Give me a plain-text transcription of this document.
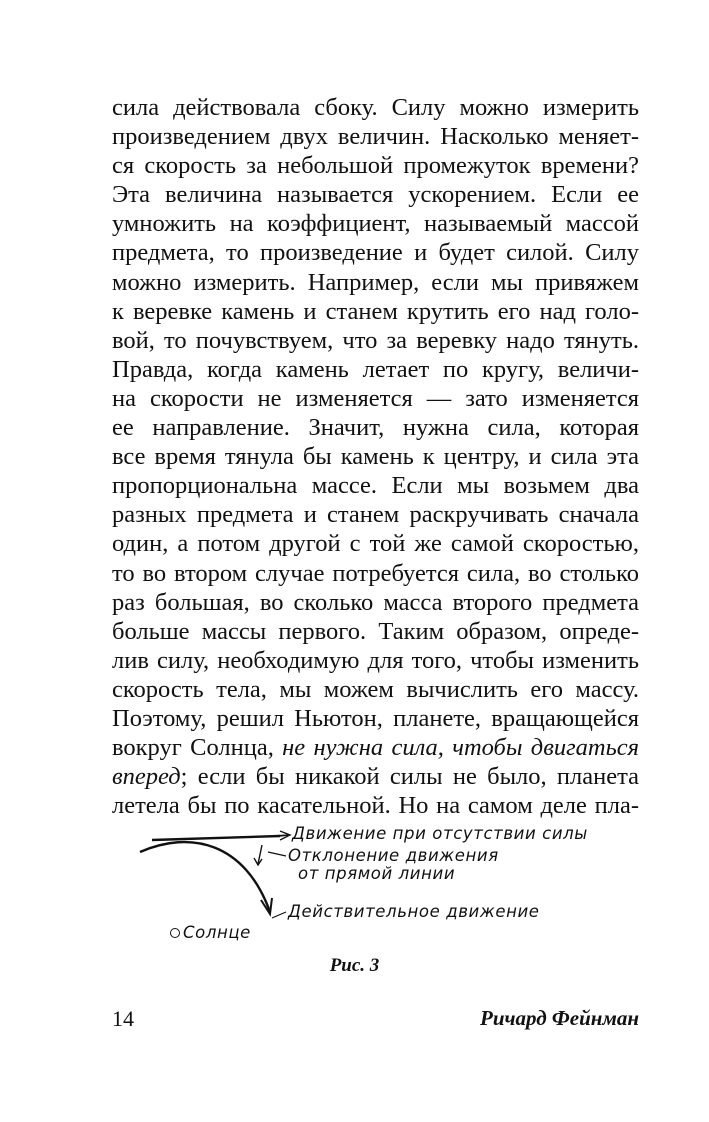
сила действовала сбоку. Силу можно измерить
произведением двух величин. Насколько меняет-
ся скорость за небольшой промежуток времени?
Эта величина называется ускорением. Если ее
умножить на коэффициент, называемый массой
предмета, то произведение и будет силой. Силу
можно измерить. Например, если мы привяжем
к веревке камень и станем крутить его над голо-
вой, то почувствуем, что за веревку надо тянуть.
Правда, когда камень летает по кругу, величи-
на скорости не изменяется — зато изменяется
ее направление. Значит, нужна сила, которая
все время тянула бы камень к центру, и сила эта
пропорциональна массе. Если мы возьмем два
разных предмета и станем раскручивать сначала
один, а потом другой с той же самой скоростью,
то во втором случае потребуется сила, во столько
раз большая, во сколько масса второго предмета
больше массы первого. Таким образом, опреде-
лив силу, необходимую для того, чтобы изменить
скорость тела, мы можем вычислить его массу.
Поэтому, решил Ньютон, планете, вращающейся
вокруг Солнца, не нужна сила, чтобы двигаться
вперед; если бы никакой силы не было, планета
летела бы по касательной. Но на самом деле пла-
Движение при отсутствии силы
Отклонение движения
от прямой линии
Действительное движение
Солнце
Рис. 3
14	Ричард Фейнман
